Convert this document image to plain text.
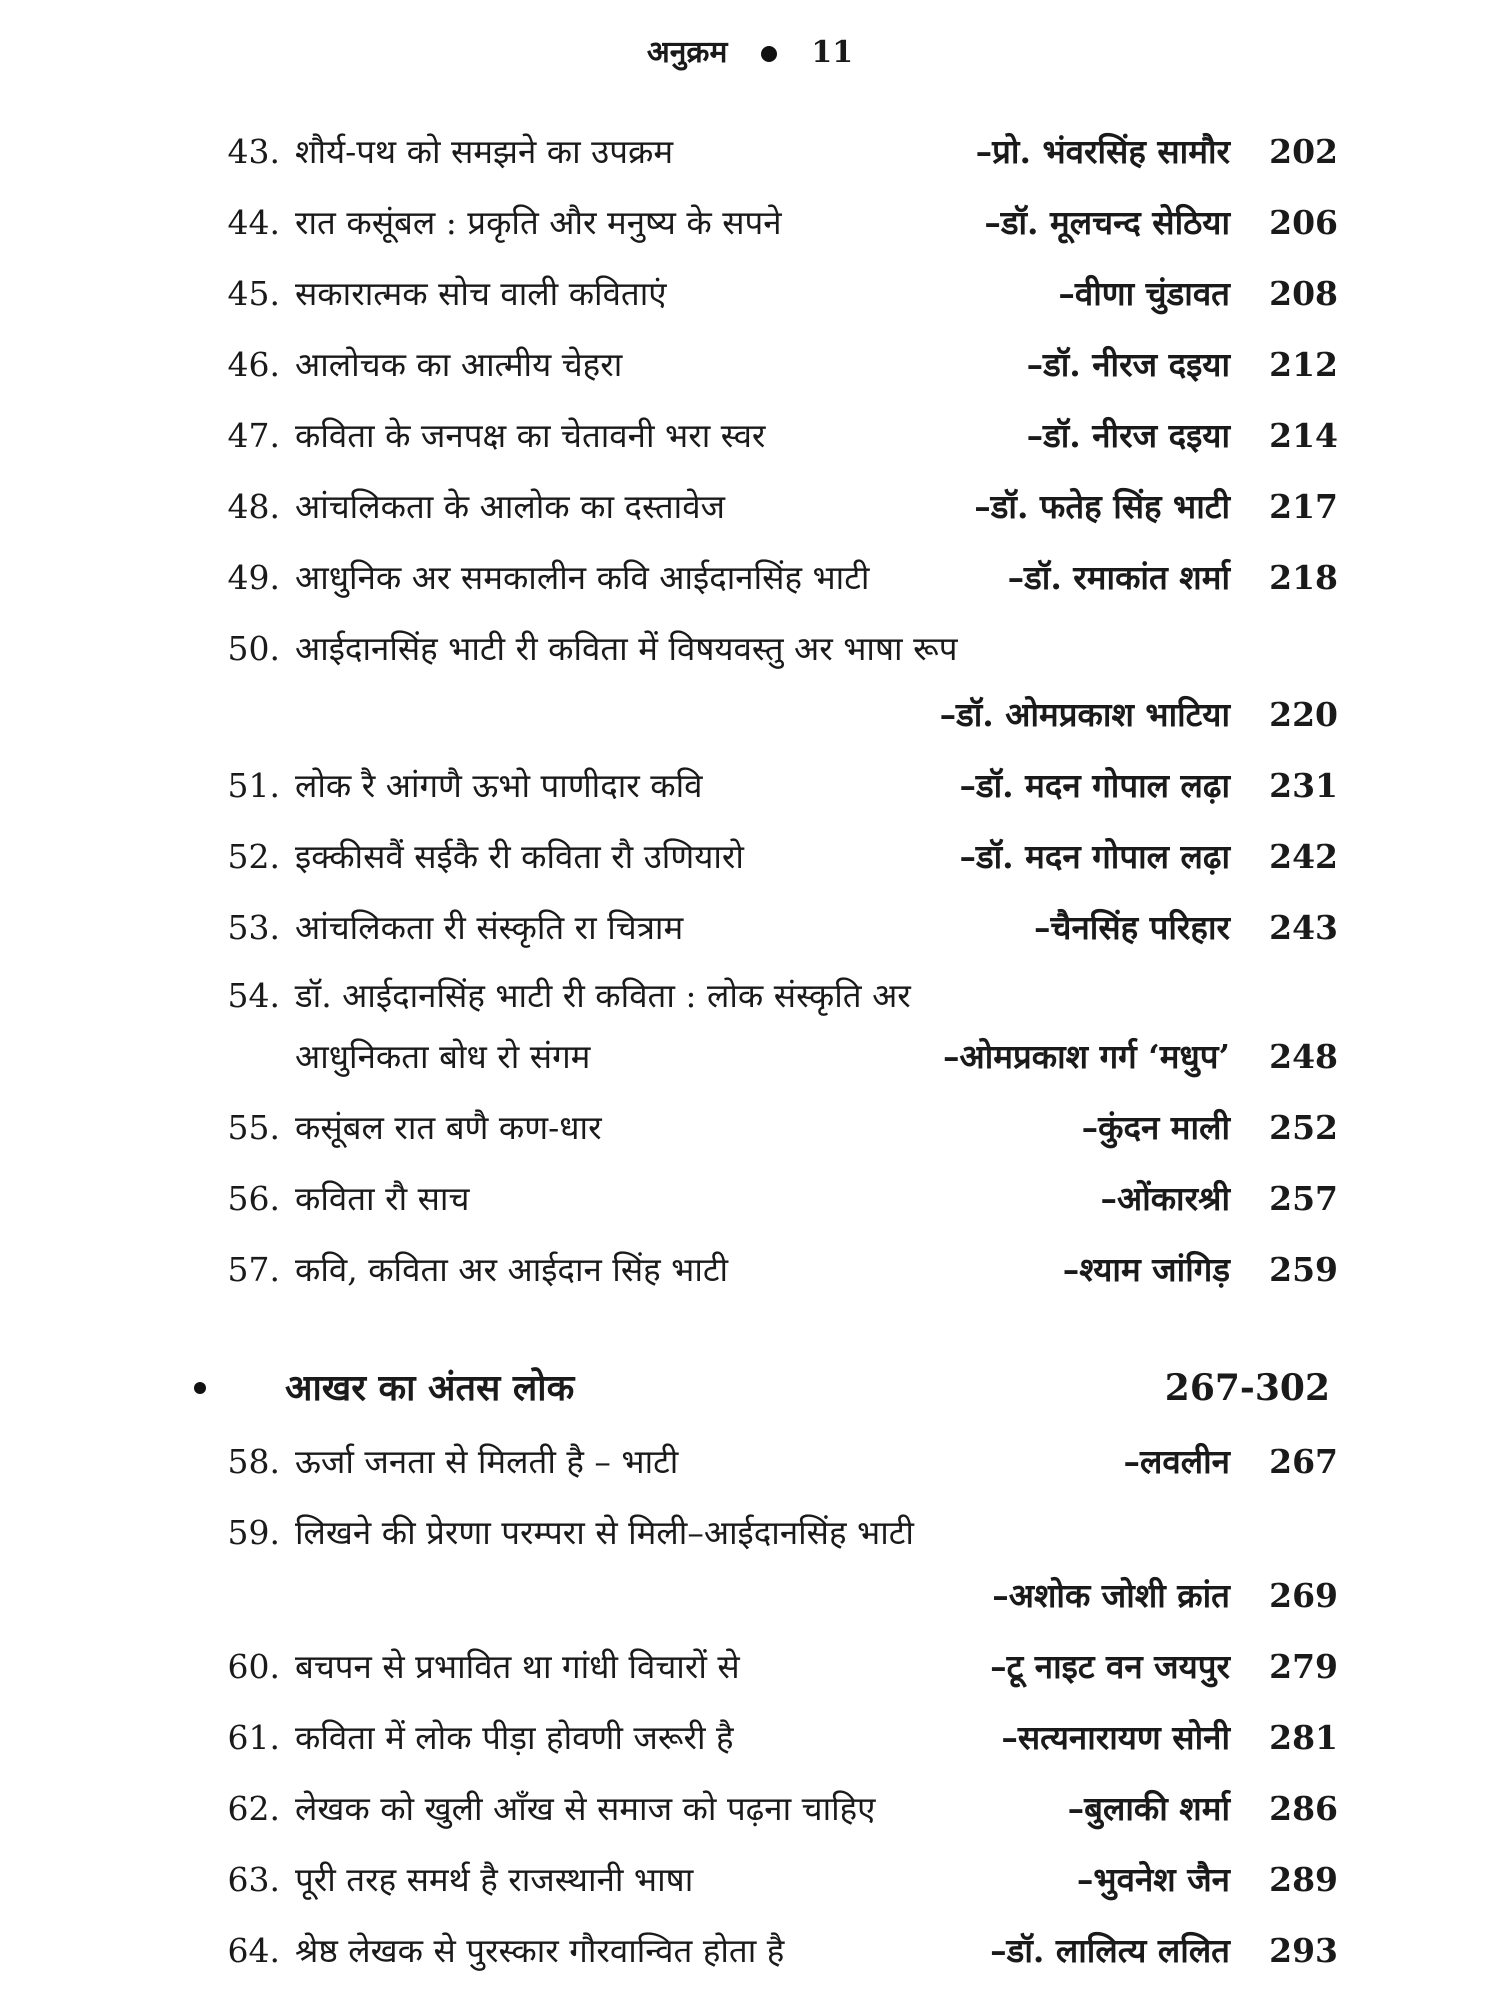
अनुक्रम	11
43. शौर्य-पथ को समझने का उपक्रम	–प्रो. भंवरसिंह सामौर	202
44. रात कसूंबल : प्रकृति और मनुष्य के सपने	–डॉ. मूलचन्द सेठिया	206
45. सकारात्मक सोच वाली कविताएं	–वीणा चुंडावत	208
46. आलोचक का आत्मीय चेहरा	–डॉ. नीरज दइया	212
47. कविता के जनपक्ष का चेतावनी भरा स्वर	–डॉ. नीरज दइया	214
48. आंचलिकता के आलोक का दस्तावेज	–डॉ. फतेह सिंह भाटी	217
49. आधुनिक अर समकालीन कवि आईदानसिंह भाटी	–डॉ. रमाकांत शर्मा	218
50. आईदानसिंह भाटी री कविता में विषयवस्तु अर भाषा रूप
–डॉ. ओमप्रकाश भाटिया	220
51. लोक रै आंगणै ऊभो पाणीदार कवि	–डॉ. मदन गोपाल लढ़ा	231
52. इक्कीसवैं सईकै री कविता रौ उणियारो	–डॉ. मदन गोपाल लढ़ा	242
53. आंचलिकता री संस्कृति रा चित्राम	–चैनसिंह परिहार	243
54. डॉ. आईदानसिंह भाटी री कविता : लोक संस्कृति अर
आधुनिकता बोध रो संगम	–ओमप्रकाश गर्ग ‘मधुप’	248
55. कसूंबल रात बणै कण-धार	–कुंदन माली	252
56. कविता रौ साच	–ओंकारश्री	257
57. कवि, कविता अर आईदान सिंह भाटी	–श्याम जांगिड़	259
आखर का अंतस लोक	267-302
58. ऊर्जा जनता से मिलती है – भाटी	–लवलीन	267
59. लिखने की प्रेरणा परम्परा से मिली–आईदानसिंह भाटी
–अशोक जोशी क्रांत	269
60. बचपन से प्रभावित था गांधी विचारों से	–टू नाइट वन जयपुर	279
61. कविता में लोक पीड़ा होवणी जरूरी है	–सत्यनारायण सोनी	281
62. लेखक को खुली आँख से समाज को पढ़ना चाहिए	–बुलाकी शर्मा	286
63. पूरी तरह समर्थ है राजस्थानी भाषा	–भुवनेश जैन	289
64. श्रेष्ठ लेखक से पुरस्कार गौरवान्वित होता है	–डॉ. लालित्य ललित	293
